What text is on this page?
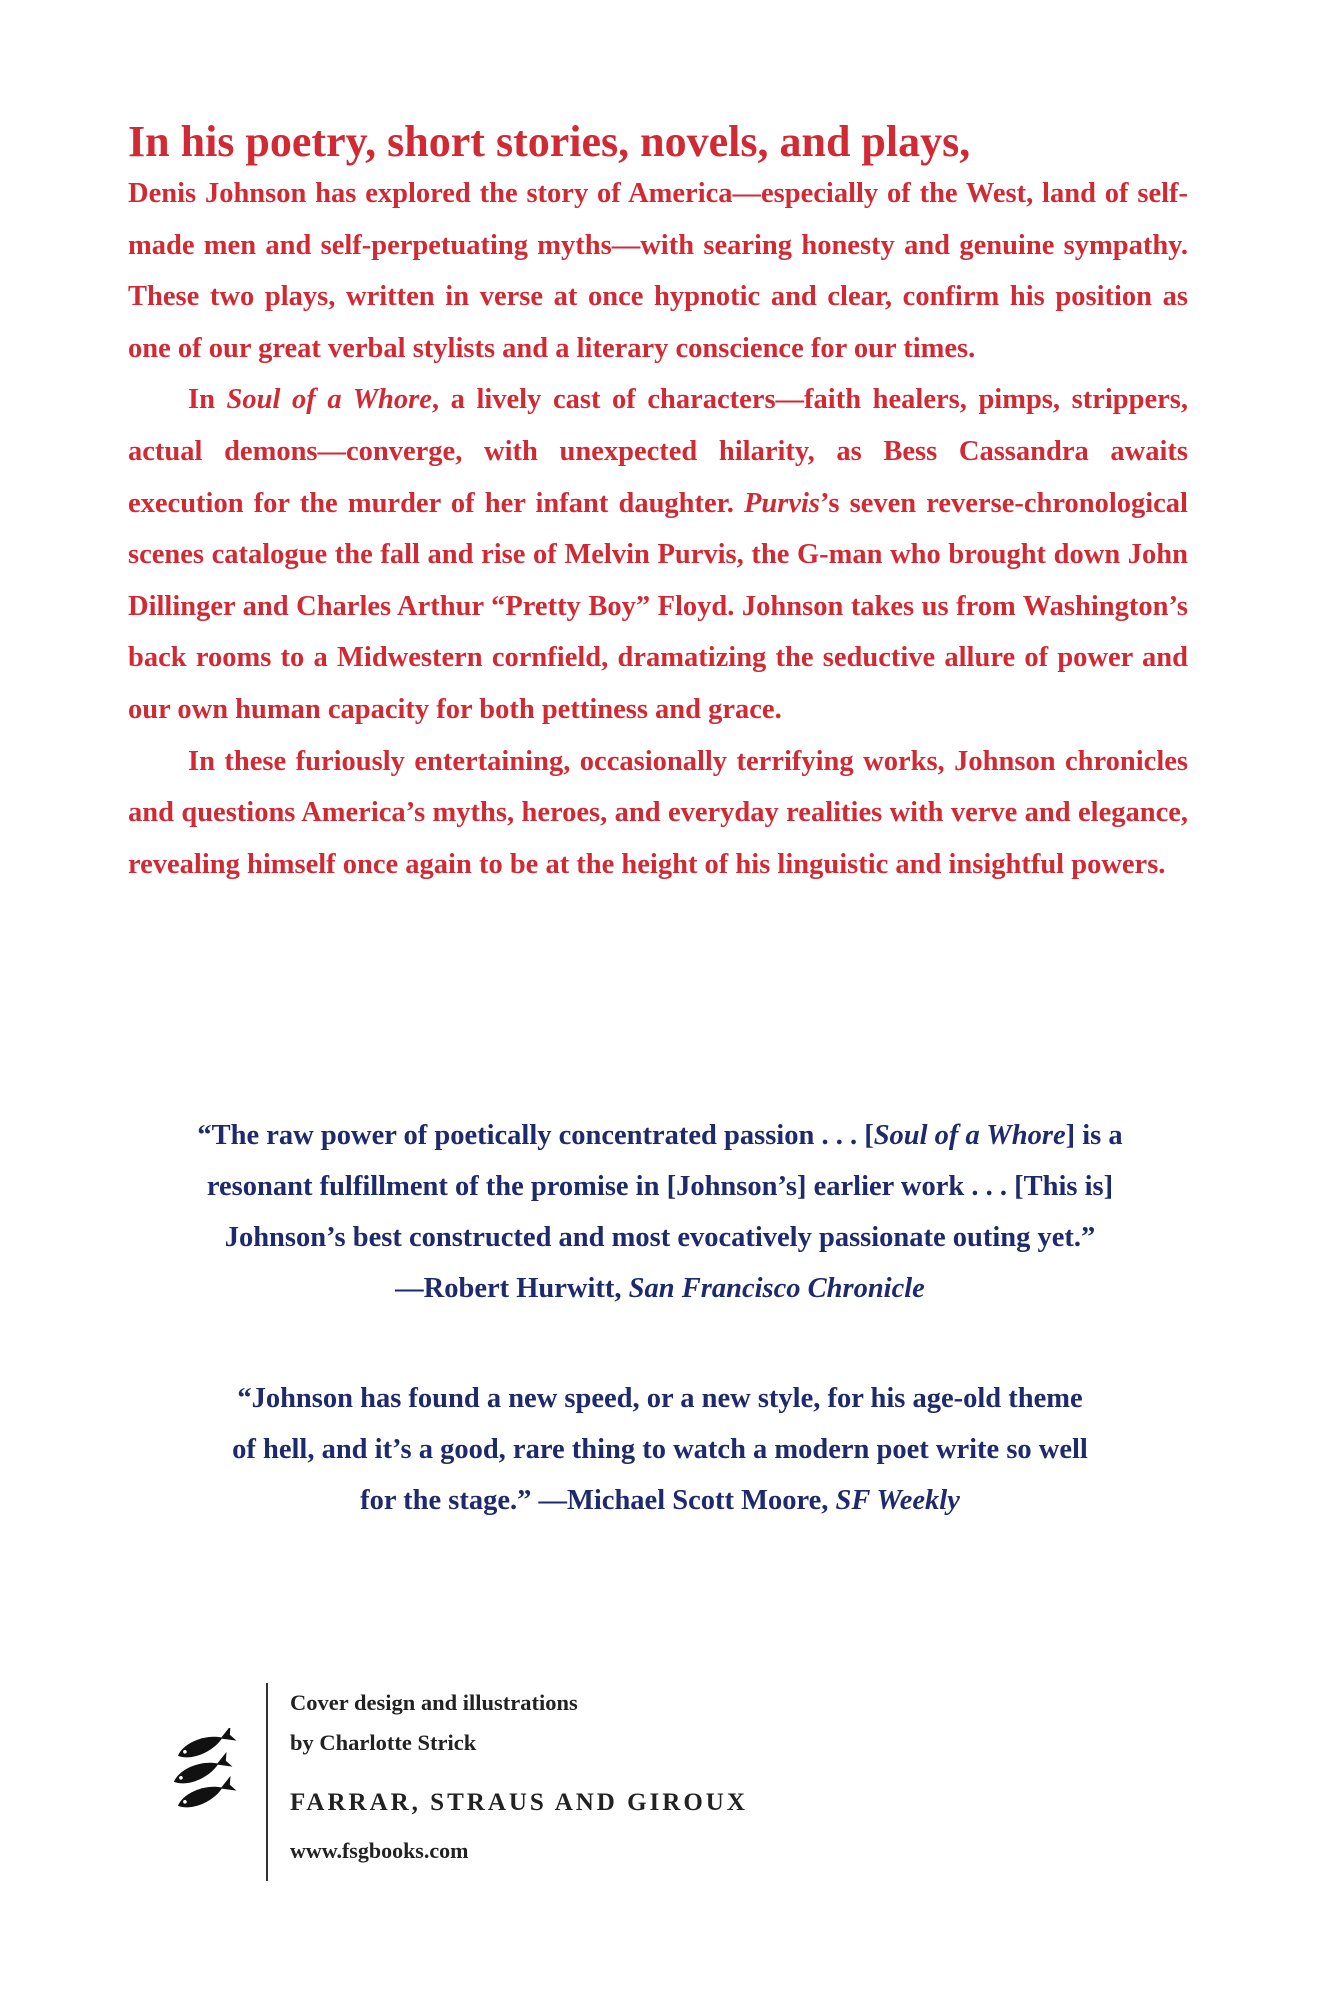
In his poetry, short stories, novels, and plays,
Denis Johnson has explored the story of America—especially of the West, land of self-made men and self-perpetuating myths—with searing honesty and genuine sympathy. These two plays, written in verse at once hypnotic and clear, confirm his position as one of our great verbal stylists and a literary conscience for our times.

In Soul of a Whore, a lively cast of characters—faith healers, pimps, strippers, actual demons—converge, with unexpected hilarity, as Bess Cassandra awaits execution for the murder of her infant daughter. Purvis’s seven reverse-chronological scenes catalogue the fall and rise of Melvin Purvis, the G-man who brought down John Dillinger and Charles Arthur “Pretty Boy” Floyd. Johnson takes us from Washington’s back rooms to a Midwestern cornfield, dramatizing the seductive allure of power and our own human capacity for both pettiness and grace.

In these furiously entertaining, occasionally terrifying works, Johnson chronicles and questions America’s myths, heroes, and everyday realities with verve and elegance, revealing himself once again to be at the height of his linguistic and insightful powers.

“The raw power of poetically concentrated passion . . . [Soul of a Whore] is a
resonant fulfillment of the promise in [Johnson’s] earlier work . . . [This is]
Johnson’s best constructed and most evocatively passionate outing yet.”
—Robert Hurwitt, San Francisco Chronicle
“Johnson has found a new speed, or a new style, for his age-old theme
of hell, and it’s a good, rare thing to watch a modern poet write so well
for the stage.” —Michael Scott Moore, SF Weekly
Cover design and illustrations
by Charlotte Strick
FARRAR, STRAUS AND GIROUX
www.fsgbooks.com
